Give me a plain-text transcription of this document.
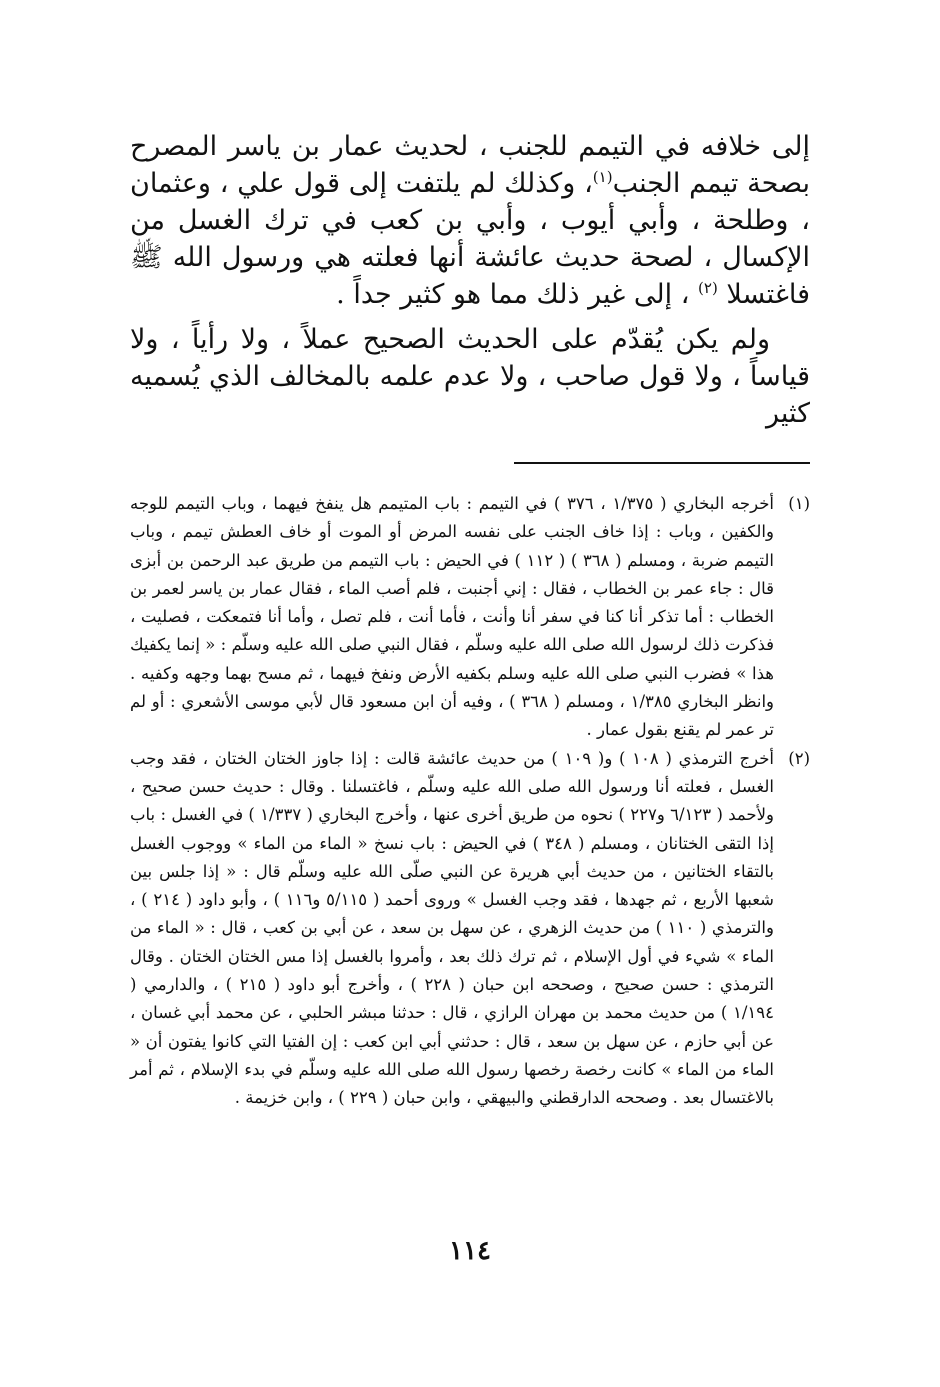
إلى خلافه في التيمم للجنب ، لحديث عمار بن ياسر المصرح بصحة تيمم الجنب$^{(١)}$، وكذلك لم يلتفت إلى قول علي ، وعثمان ، وطلحة ، وأبي أيوب ، وأبي بن كعب في ترك الغسل من الإكسال ، لصحة حديث عائشة أنها فعلته هي ورسول الله ﷺ فاغتسلا $^{(٢)}$ ، إلى غير ذلك مما هو كثير جداً .

ولم يكن يُقدّم على الحديث الصحيح عملاً ، ولا رأياً ، ولا قياساً ، ولا قول صاحب ، ولا عدم علمه بالمخالف الذي يُسميه كثير

(١)
أخرجه البخاري ( ١/٣٧٥ ، ٣٧٦ ) في التيمم : باب المتيمم هل ينفخ فيهما ، وباب التيمم للوجه والكفين ، وباب : إذا خاف الجنب على نفسه المرض أو الموت أو خاف العطش تيمم ، وباب التيمم ضربة ، ومسلم ( ٣٦٨ ) ( ١١٢ ) في الحيض : باب التيمم من طريق عبد الرحمن بن أبزى قال : جاء عمر بن الخطاب ، فقال : إني أجنبت ، فلم أصب الماء ، فقال عمار بن ياسر لعمر بن الخطاب : أما تذكر أنا كنا في سفر أنا وأنت ، فأما أنت ، فلم تصل ، وأما أنا فتمعكت ، فصليت ، فذكرت ذلك لرسول الله صلى الله عليه وسلّم ، فقال النبي صلى الله عليه وسلّم : « إنما يكفيك هذا » فضرب النبي صلى الله عليه وسلم بكفيه الأرض ونفخ فيهما ، ثم مسح بهما وجهه وكفيه . وانظر البخاري ١/٣٨٥ ، ومسلم ( ٣٦٨ ) ، وفيه أن ابن مسعود قال لأبي موسى الأشعري : أو لم تر عمر لم يقنع بقول عمار .

(٢)
أخرج الترمذي ( ١٠٨ ) و( ١٠٩ ) من حديث عائشة قالت : إذا جاوز الختان الختان ، فقد وجب الغسل ، فعلته أنا ورسول الله صلى الله عليه وسلّم ، فاغتسلنا . وقال : حديث حسن صحيح ، ولأحمد ( ٦/١٢٣ و٢٢٧ ) نحوه من طريق أخرى عنها ، وأخرج البخاري ( ١/٣٣٧ ) في الغسل : باب إذا التقى الختانان ، ومسلم ( ٣٤٨ ) في الحيض : باب نسخ « الماء من الماء » ووجوب الغسل بالتقاء الختانين ، من حديث أبي هريرة عن النبي صلّى الله عليه وسلّم قال : « إذا جلس بين شعبها الأربع ، ثم جهدها ، فقد وجب الغسل » وروى أحمد ( ٥/١١٥ و١١٦ ) ، وأبو داود ( ٢١٤ ) ، والترمذي ( ١١٠ ) من حديث الزهري ، عن سهل بن سعد ، عن أبي بن كعب ، قال : « الماء من الماء » شيء في أول الإسلام ، ثم ترك ذلك بعد ، وأمروا بالغسل إذا مس الختان الختان . وقال الترمذي : حسن صحيح ، وصححه ابن حبان ( ٢٢٨ ) ، وأخرج أبو داود ( ٢١٥ ) ، والدارمي ( ١/١٩٤ ) من حديث محمد بن مهران الرازي ، قال : حدثنا مبشر الحلبي ، عن محمد أبي غسان ، عن أبي حازم ، عن سهل بن سعد ، قال : حدثني أبي ابن كعب : إن الفتيا التي كانوا يفتون أن « الماء من الماء » كانت رخصة رخصها رسول الله صلى الله عليه وسلّم في بدء الإسلام ، ثم أمر بالاغتسال بعد . وصححه الدارقطني والبيهقي ، وابن حبان ( ٢٢٩ ) ، وابن خزيمة .

١١٤
